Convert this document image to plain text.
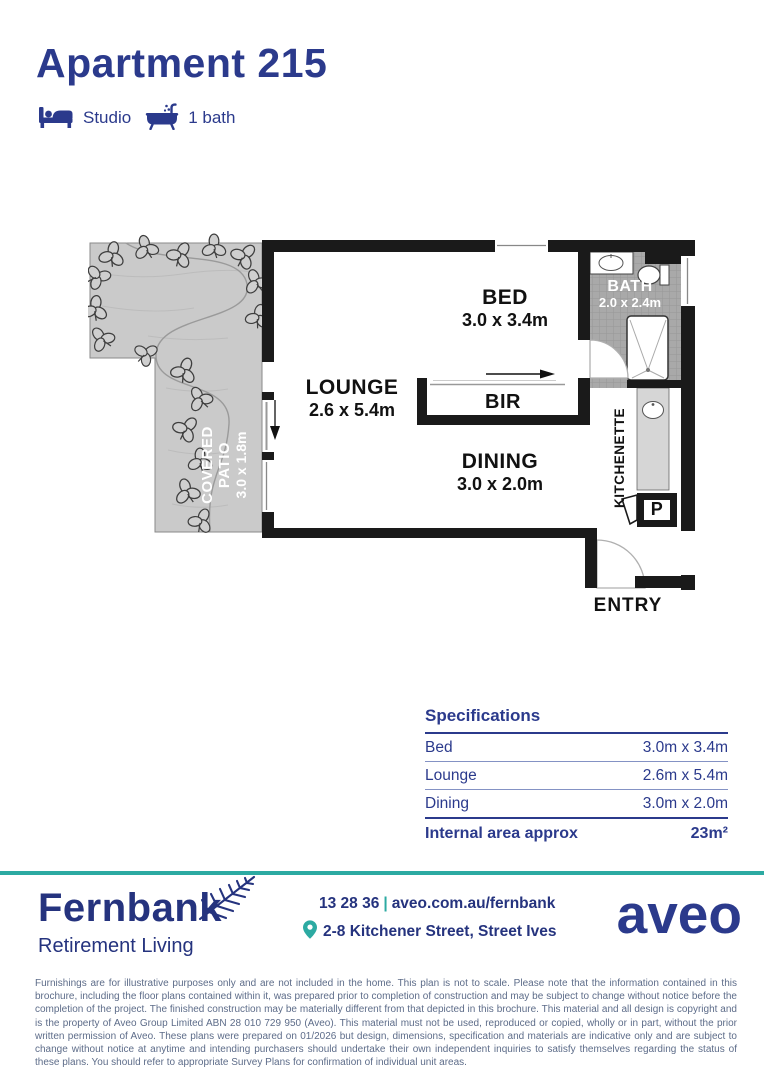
Apartment 215
Studio	1 bath
BED
3.0 x 3.4m
BATH
2.0 x 2.4m
LOUNGE
2.6 x 5.4m	BIR
DINING
3.0 x 2.0m	KITCHENETTE
P
ENTRY
COVERED PATIO 3.0 x 1.8m
Specifications
Bed	3.0m x 3.4m
Lounge	2.6m x 5.4m
Dining	3.0m x 2.0m
Internal area approx	23m²
Fernbank
Retirement Living
13 28 36 | aveo.com.au/fernbank
2-8 Kitchener Street, Street Ives aveo
Furnishings are for illustrative purposes only and are not included in the home. This plan is not to scale. Please note that the information contained in this brochure, including the floor plans contained within it, was prepared prior to completion of construction and may be subject to change without notice before the completion of the project. The finished construction may be materially different from that depicted in this brochure. This material and all design is copyright and is the property of Aveo Group Limited ABN 28 010 729 950 (Aveo). This material must not be used, reproduced or copied, wholly or in part, without the prior written permission of Aveo. These plans were prepared on 01/2026 but design, dimensions, specification and materials are indicative only and are subject to change without notice at anytime and intending purchasers should undertake their own independent inquiries to satisfy themselves regarding the status of these plans. You should refer to appropriate Survey Plans for confirmation of individual unit areas.
